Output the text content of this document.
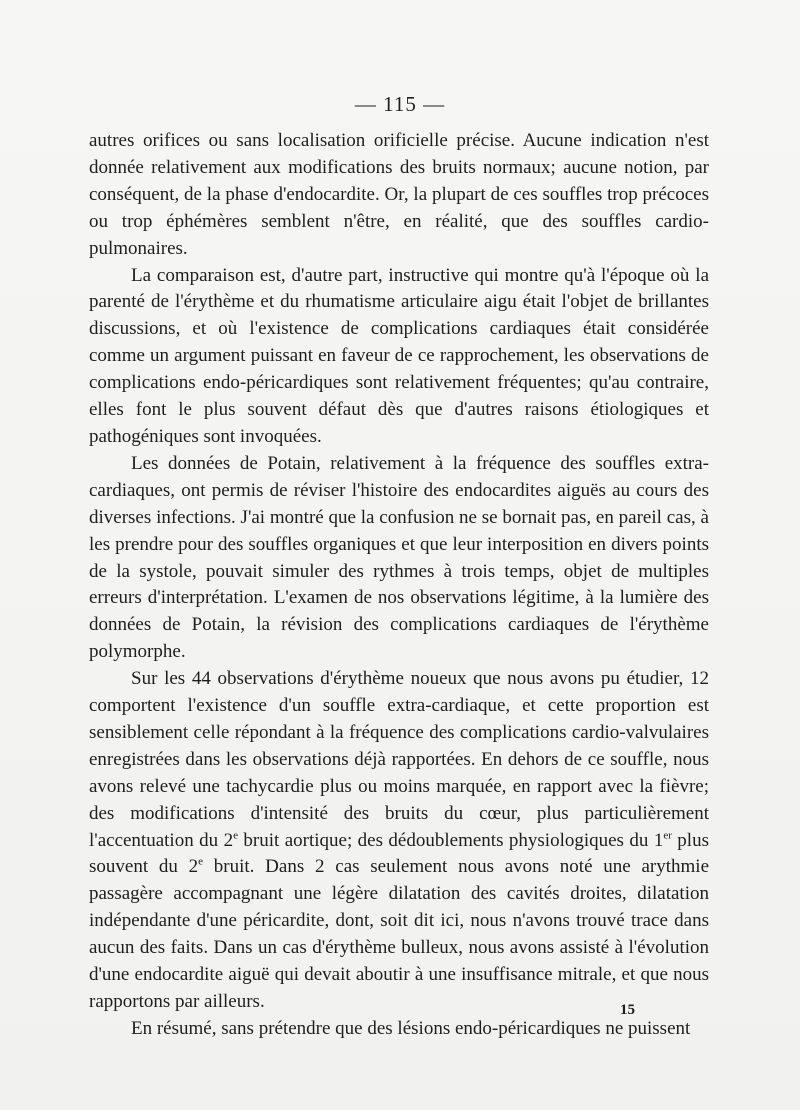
— 115 —

autres orifices ou sans localisation orificielle précise. Aucune indication n'est donnée relativement aux modifications des bruits normaux; aucune notion, par conséquent, de la phase d'endocardite. Or, la plupart de ces souffles trop précoces ou trop éphémères semblent n'être, en réalité, que des souffles cardio-pulmonaires.

La comparaison est, d'autre part, instructive qui montre qu'à l'époque où la parenté de l'érythème et du rhumatisme articulaire aigu était l'objet de brillantes discussions, et où l'existence de complications cardiaques était considérée comme un argument puissant en faveur de ce rapprochement, les observations de complications endo-péricardiques sont relativement fréquentes; qu'au contraire, elles font le plus souvent défaut dès que d'autres raisons étiologiques et pathogéniques sont invoquées.

Les données de Potain, relativement à la fréquence des souffles extra-cardiaques, ont permis de réviser l'histoire des endocardites aiguës au cours des diverses infections. J'ai montré que la confusion ne se bornait pas, en pareil cas, à les prendre pour des souffles organiques et que leur interposition en divers points de la systole, pouvait simuler des rythmes à trois temps, objet de multiples erreurs d'interprétation. L'examen de nos observations légitime, à la lumière des données de Potain, la révision des complications cardiaques de l'érythème polymorphe.

Sur les 44 observations d'érythème noueux que nous avons pu étudier, 12 comportent l'existence d'un souffle extra-cardiaque, et cette proportion est sensiblement celle répondant à la fréquence des complications cardio-valvulaires enregistrées dans les observations déjà rapportées. En dehors de ce souffle, nous avons relevé une tachycardie plus ou moins marquée, en rapport avec la fièvre; des modifications d'intensité des bruits du cœur, plus particulièrement l'accentuation du 2e bruit aortique; des dédoublements physiologiques du 1er plus souvent du 2e bruit. Dans 2 cas seulement nous avons noté une arythmie passagère accompagnant une légère dilatation des cavités droites, dilatation indépendante d'une péricardite, dont, soit dit ici, nous n'avons trouvé trace dans aucun des faits. Dans un cas d'érythème bulleux, nous avons assisté à l'évolution d'une endocardite aiguë qui devait aboutir à une insuffisance mitrale, et que nous rapportons par ailleurs.

En résumé, sans prétendre que des lésions endo-péricardiques ne puissent

15
